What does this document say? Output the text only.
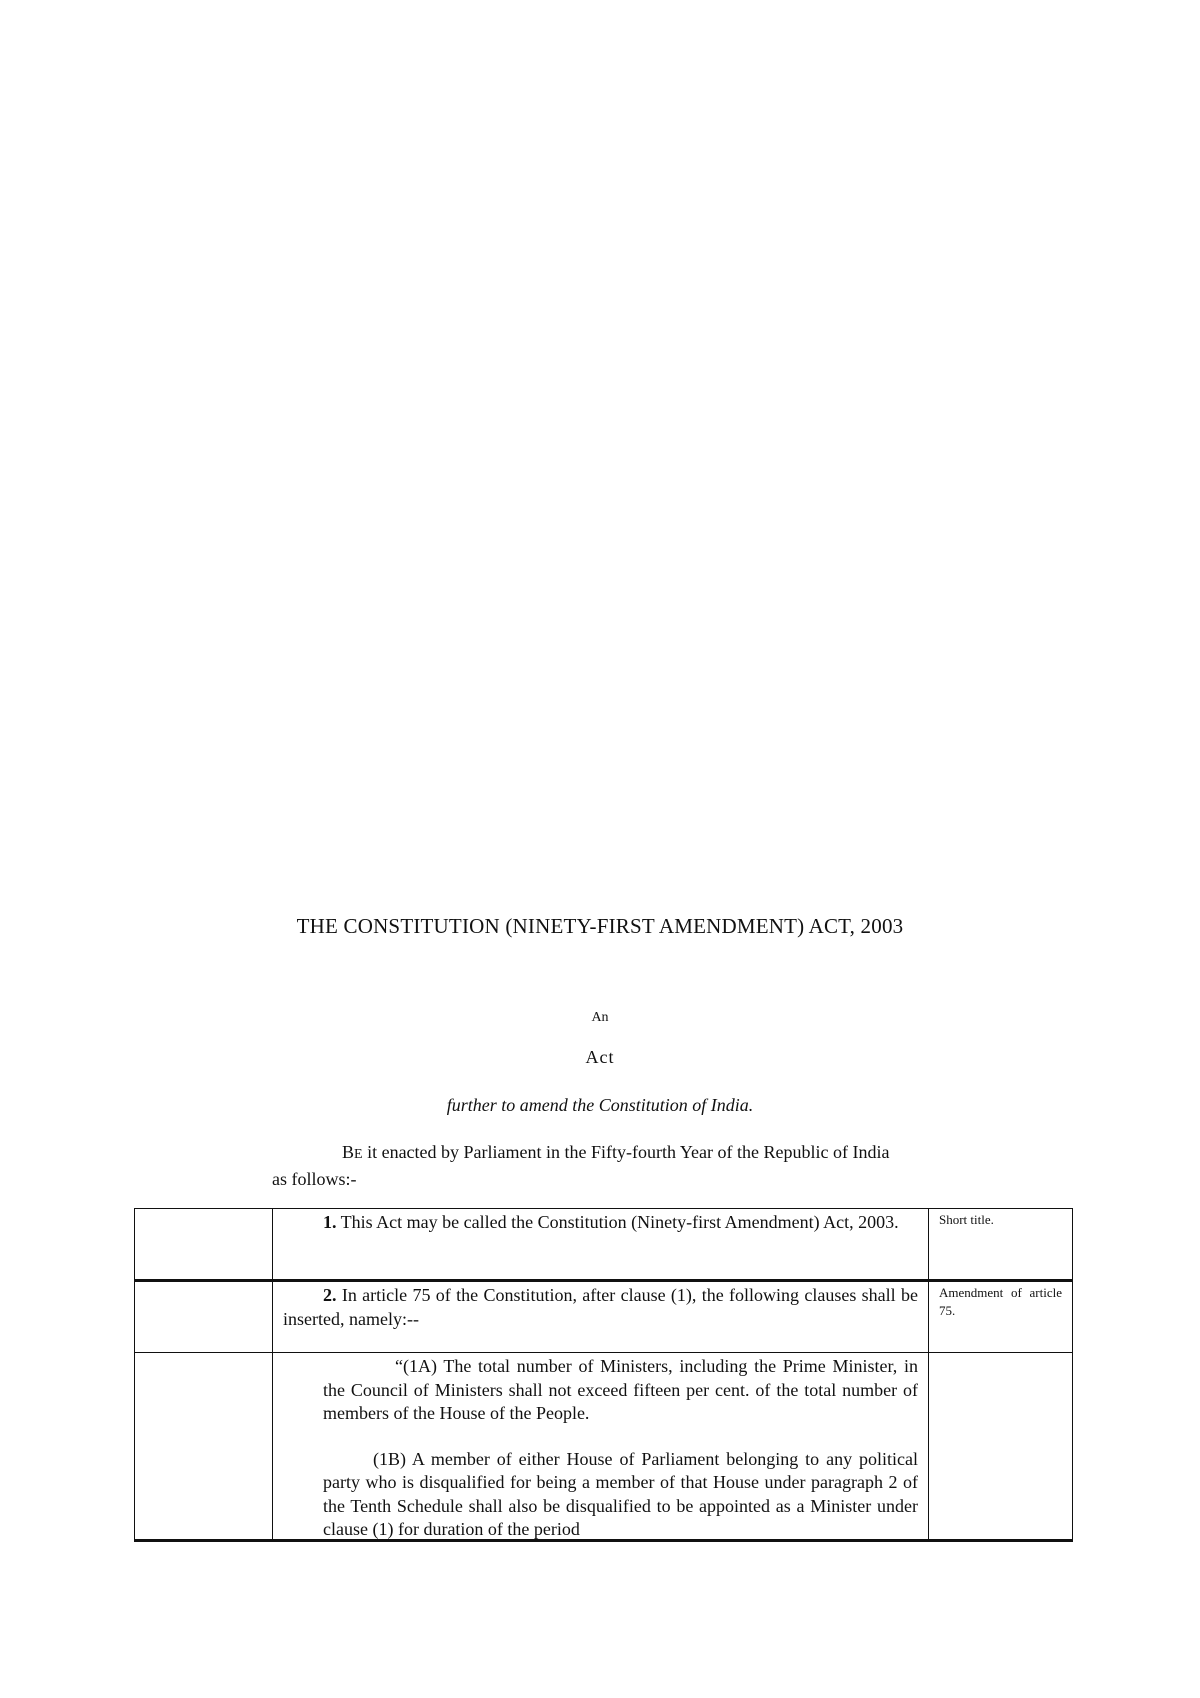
THE CONSTITUTION (NINETY-FIRST AMENDMENT) ACT, 2003
An
Act
further to amend the Constitution of India.
BE it enacted by Parliament in the Fifty-fourth Year of the Republic of India as follows:-

	1. This Act may be called the Constitution (Ninety-first Amendment) Act, 2003.	Short title.

	2. In article 75 of the Constitution, after clause (1), the following clauses shall be inserted, namely:--	Amendment of article 75.

	“(1A) The total number of Ministers, including the Prime Minister, in the Council of Ministers shall not exceed fifteen per cent. of the total number of members of the House of the People.

(1B) A member of either House of Parliament belonging to any political party who is disqualified for being a member of that House under paragraph 2 of the Tenth Schedule shall also be disqualified to be appointed as a Minister under clause (1) for duration of the period	
